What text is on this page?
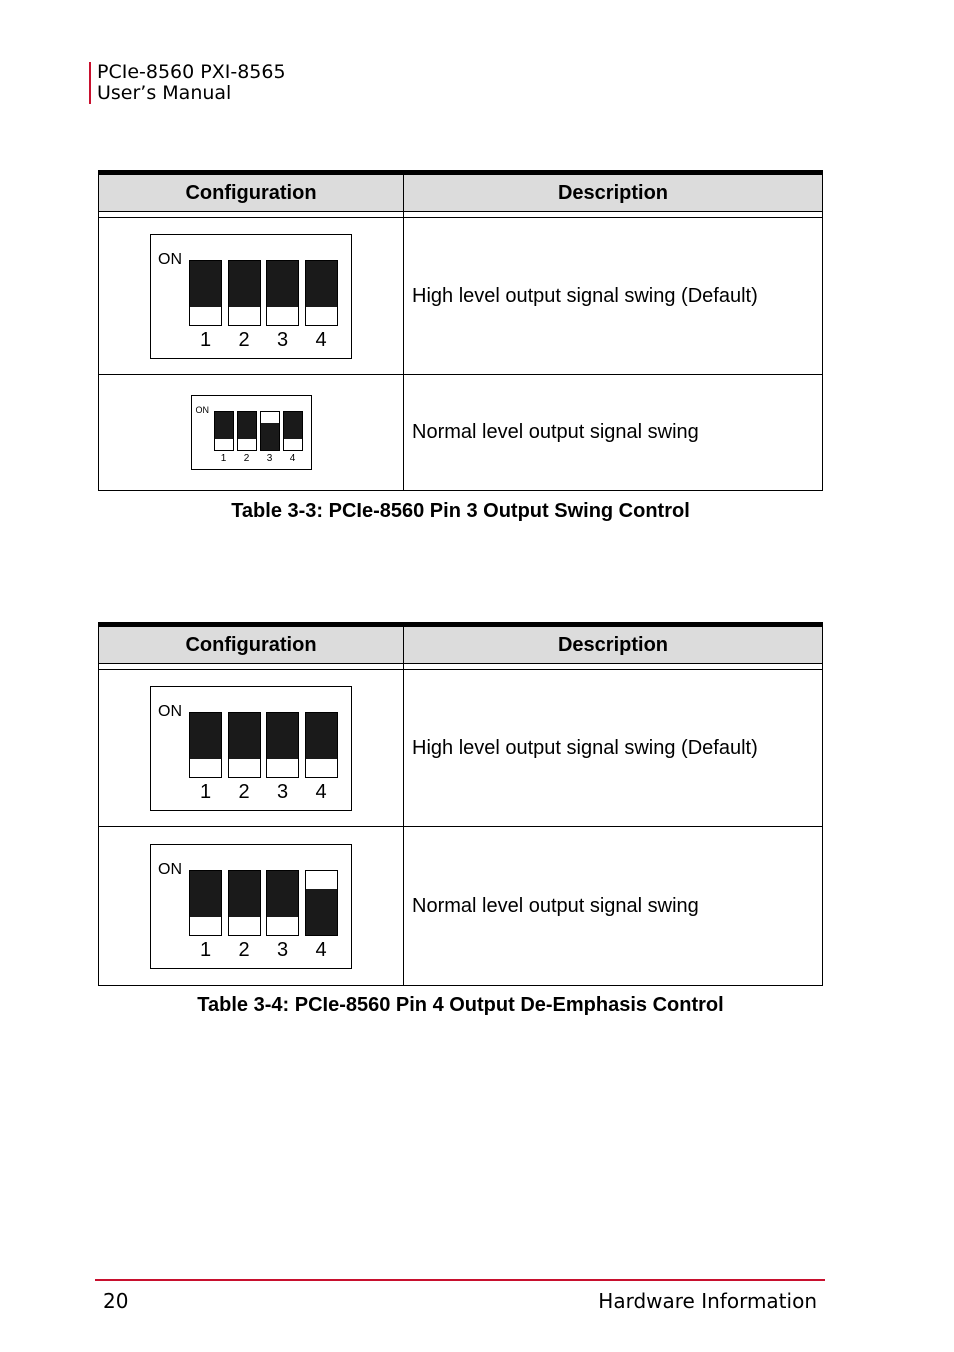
PCIe-8560 PXI-8565
User’s Manual
Configuration	Description

ON
1 2 3 4	High level output signal swing (Default)

ON
1 2 3 4	Normal level output signal swing
Table 3-3: PCIe-8560 Pin 3 Output Swing Control
Configuration	Description

ON
1 2 3 4	High level output signal swing (Default)

ON
1 2 3 4	Normal level output signal swing
Table 3-4: PCIe-8560 Pin 4 Output De-Emphasis Control
20	Hardware Information
